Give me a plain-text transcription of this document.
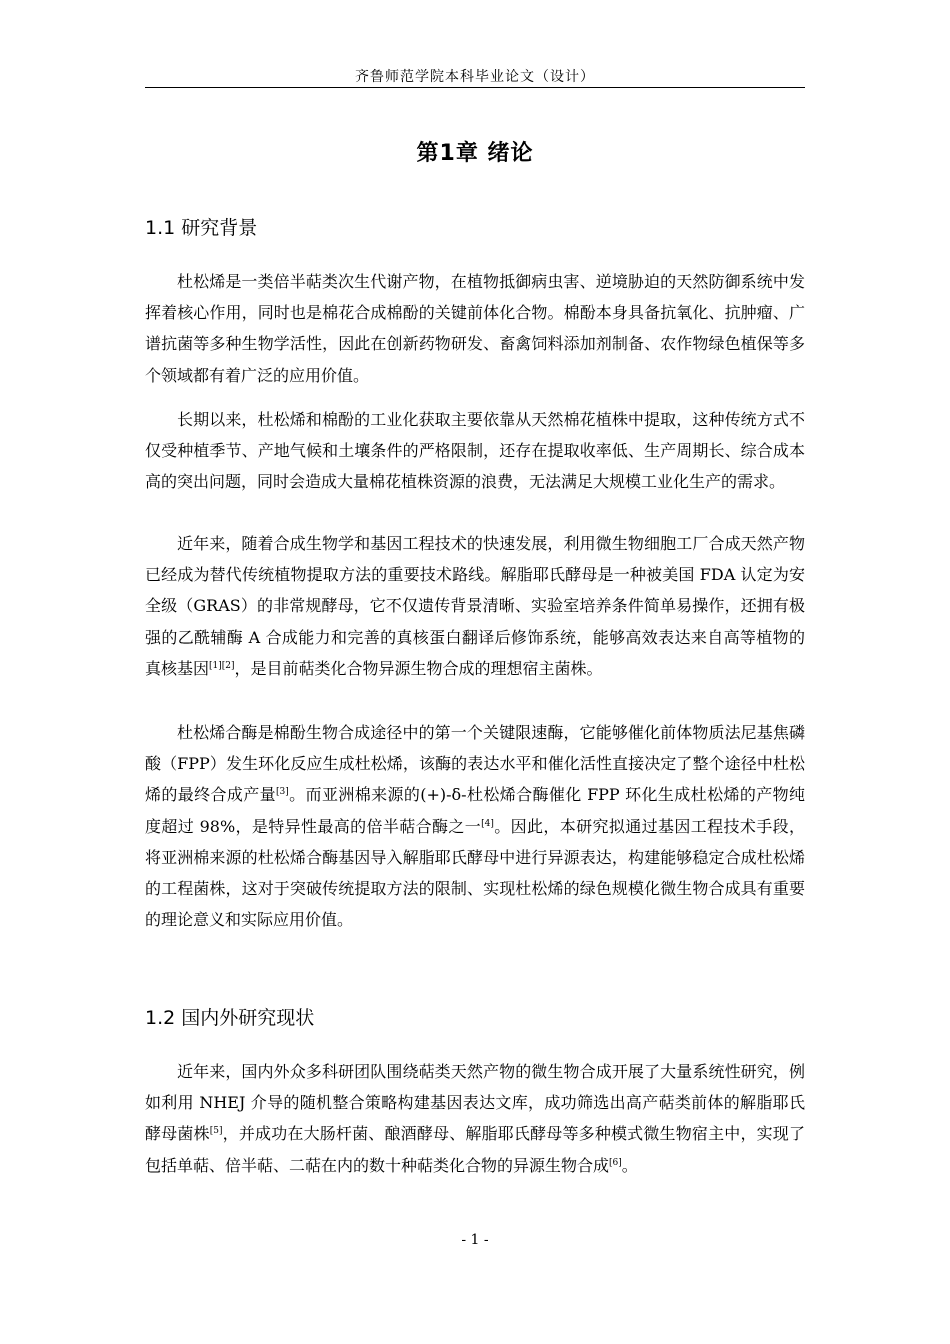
齐鲁师范学院本科毕业论文（设计）
第1章 绪论
1.1 研究背景

杜松烯是一类倍半萜类次生代谢产物，在植物抵御病虫害、逆境胁迫的天然防御系统中发挥着核心作用，同时也是棉花合成棉酚的关键前体化合物。棉酚本身具备抗氧化、抗肿瘤、广谱抗菌等多种生物学活性，因此在创新药物研发、畜禽饲料添加剂制备、农作物绿色植保等多个领域都有着广泛的应用价值。

长期以来，杜松烯和棉酚的工业化获取主要依靠从天然棉花植株中提取，这种传统方式不仅受种植季节、产地气候和土壤条件的严格限制，还存在提取收率低、生产周期长、综合成本高的突出问题，同时会造成大量棉花植株资源的浪费，无法满足大规模工业化生产的需求。

近年来，随着合成生物学和基因工程技术的快速发展，利用微生物细胞工厂合成天然产物已经成为替代传统植物提取方法的重要技术路线。解脂耶氏酵母是一种被美国 FDA 认定为安全级（GRAS）的非常规酵母，它不仅遗传背景清晰、实验室培养条件简单易操作，还拥有极强的乙酰辅酶 A 合成能力和完善的真核蛋白翻译后修饰系统，能够高效表达来自高等植物的真核基因[1][2]，是目前萜类化合物异源生物合成的理想宿主菌株。

杜松烯合酶是棉酚生物合成途径中的第一个关键限速酶，它能够催化前体物质法尼基焦磷酸（FPP）发生环化反应生成杜松烯，该酶的表达水平和催化活性直接决定了整个途径中杜松烯的最终合成产量[3]。而亚洲棉来源的(+)-δ-杜松烯合酶催化 FPP 环化生成杜松烯的产物纯度超过 98%，是特异性最高的倍半萜合酶之一[4]。因此，本研究拟通过基因工程技术手段，将亚洲棉来源的杜松烯合酶基因导入解脂耶氏酵母中进行异源表达，构建能够稳定合成杜松烯的工程菌株，这对于突破传统提取方法的限制、实现杜松烯的绿色规模化微生物合成具有重要的理论意义和实际应用价值。

1.2 国内外研究现状

近年来，国内外众多科研团队围绕萜类天然产物的微生物合成开展了大量系统性研究，例如利用 NHEJ 介导的随机整合策略构建基因表达文库，成功筛选出高产萜类前体的解脂耶氏酵母菌株[5]，并成功在大肠杆菌、酿酒酵母、解脂耶氏酵母等多种模式微生物宿主中，实现了包括单萜、倍半萜、二萜在内的数十种萜类化合物的异源生物合成[6]。

- 1 -
